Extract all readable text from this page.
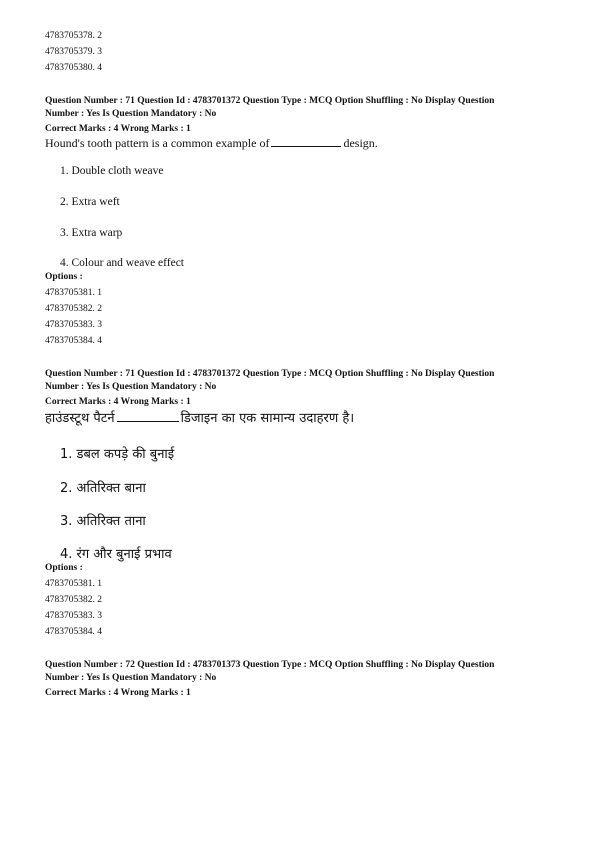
4783705378. 2
4783705379. 3
4783705380. 4
Question Number : 71 Question Id : 4783701372 Question Type : MCQ Option Shuffling : No Display Question
Number : Yes Is Question Mandatory : No
Correct Marks : 4 Wrong Marks : 1
Hound's tooth pattern is a common example of	design.
1. Double cloth weave
2. Extra weft
3. Extra warp
4. Colour and weave effect
Options :
4783705381. 1
4783705382. 2
4783705383. 3
4783705384. 4
Question Number : 71 Question Id : 4783701372 Question Type : MCQ Option Shuffling : No Display Question
Number : Yes Is Question Mandatory : No
Correct Marks : 4 Wrong Marks : 1
हाउंडस्टूथ पैटर्न	डिजाइन का एक सामान्य उदाहरण है।
1. डबल कपड़े की बुनाई
2. अतिरिक्त बाना
3. अतिरिक्त ताना
4. रंग और बुनाई प्रभाव
Options :
4783705381. 1
4783705382. 2
4783705383. 3
4783705384. 4
Question Number : 72 Question Id : 4783701373 Question Type : MCQ Option Shuffling : No Display Question
Number : Yes Is Question Mandatory : No
Correct Marks : 4 Wrong Marks : 1
